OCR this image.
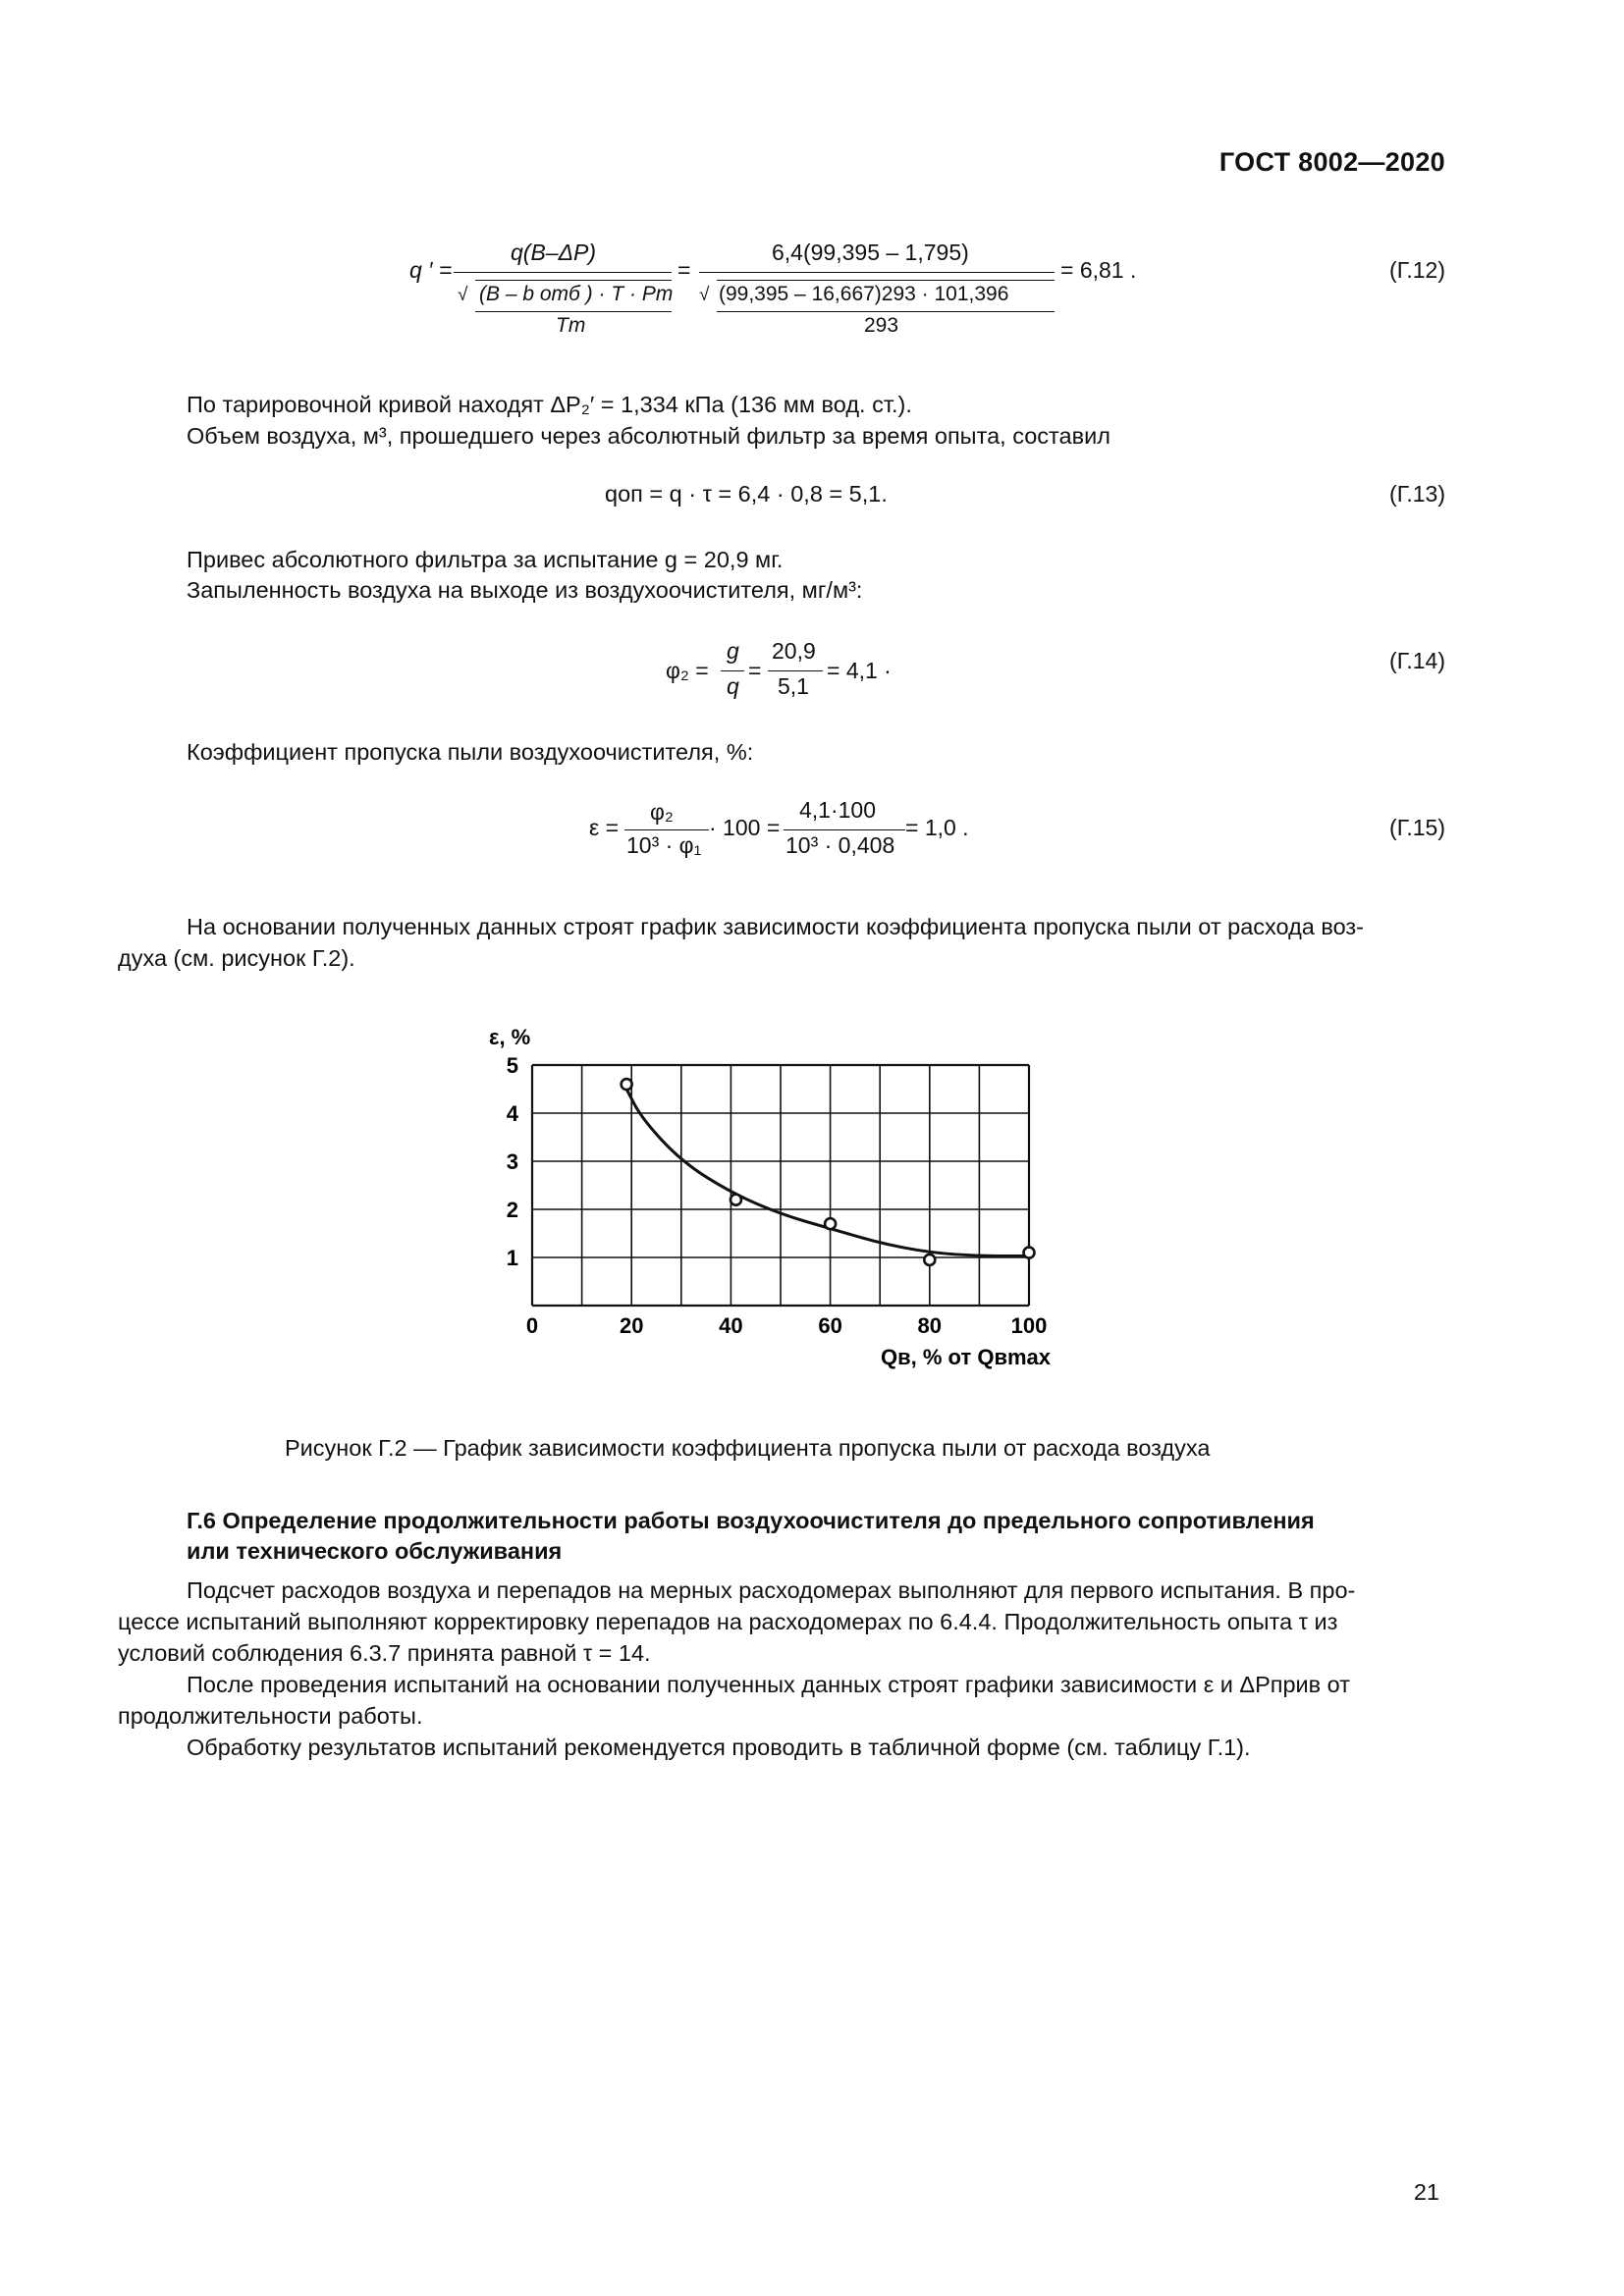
ГОСТ 8002—2020
q ′ =
q(B–ΔP)
√ (B – b отб ) · T · Pт
Tт
=
6,4(99,395 – 1,795)
√ (99,395 – 16,667)293 · 101,396
293
= 6,81 .	(Г.12)
По тарировочной кривой находят ΔP₂′ = 1,334 кПа (136 мм вод. ст.).
Объем воздуха, м³, прошедшего через абсолютный фильтр за время опыта, составил
qоп = q · τ = 6,4 · 0,8 = 5,1.	(Г.13)
Привес абсолютного фильтра за испытание g = 20,9 мг.
Запыленность воздуха на выходе из воздухоочистителя, мг/м³:
φ₂ =
g
q
=
20,9
5,1
= 4,1 ·	(Г.14)
Коэффициент пропуска пыли воздухоочистителя, %:
ε =
φ₂
10³ · φ₁
· 100 =
4,1·100
10³ · 0,408
= 1,0 .	(Г.15)
На основании полученных данных строят график зависимости коэффициента пропуска пыли от расхода воз-
духа (см. рисунок Г.2).
0	20	40	60	80	100
1
2
3
4
5
ε, %
Qв, % от Qвmax
Рисунок Г.2 — График зависимости коэффициента пропуска пыли от расхода воздуха
Г.6 Определение продолжительности работы воздухоочистителя до предельного сопротивления
или технического обслуживания
Подсчет расходов воздуха и перепадов на мерных расходомерах выполняют для первого испытания. В про-
цессе испытаний выполняют корректировку перепадов на расходомерах по 6.4.4. Продолжительность опыта τ из
условий соблюдения 6.3.7 принята равной τ = 14.
После проведения испытаний на основании полученных данных строят графики зависимости ε и ΔPприв от
продолжительности работы.
Обработку результатов испытаний рекомендуется проводить в табличной форме (см. таблицу Г.1).
21
